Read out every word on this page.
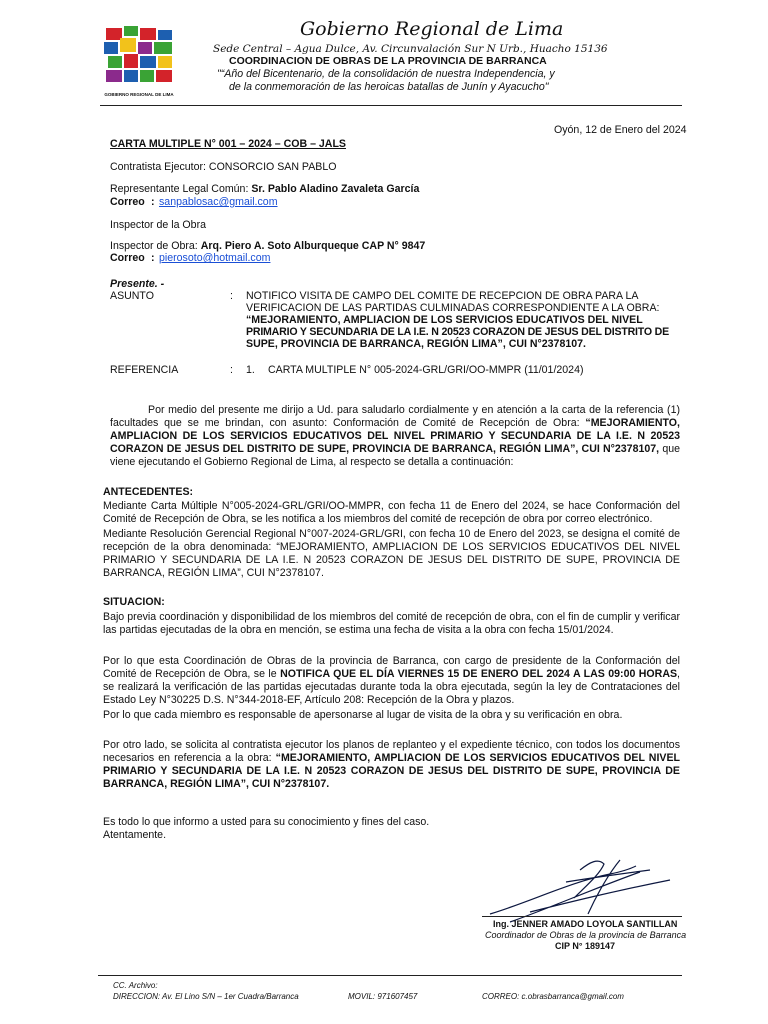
GOBIERNO REGIONAL DE LIMA
Gobierno Regional de Lima
Sede Central – Agua Dulce, Av. Circunvalación Sur N Urb., Huacho 15136
COORDINACION DE OBRAS DE LA PROVINCIA DE BARRANCA
"“Año del Bicentenario, de la consolidación de nuestra Independencia, y
de la conmemoración de las heroicas batallas de Junín y Ayacucho"
Oyón, 12 de Enero del 2024
CARTA MULTIPLE N° 001 – 2024 – COB – JALS
Contratista Ejecutor: CONSORCIO SAN PABLO
Representante Legal Común: Sr. Pablo Aladino Zavaleta García
Correo : sanpablosac@gmail.com
Inspector de la Obra
Inspector de Obra: Arq. Piero A. Soto Alburqueque CAP N° 9847
Correo : pierosoto@hotmail.com
Presente. -
ASUNTO	: NOTIFICO VISITA DE CAMPO DEL COMITE DE RECEPCION DE OBRA PARA LA
VERIFICACION DE LAS PARTIDAS CULMINADAS CORRESPONDIENTE A LA OBRA:
“MEJORAMIENTO, AMPLIACION DE LOS SERVICIOS EDUCATIVOS DEL NIVEL
PRIMARIO Y SECUNDARIA DE LA I.E. N 20523 CORAZON DE JESUS DEL DISTRITO DE
SUPE, PROVINCIA DE BARRANCA, REGIÓN LIMA”, CUI N°2378107.
REFERENCIA	: 1. CARTA MULTIPLE N° 005-2024-GRL/GRI/OO-MMPR (11/01/2024)
Por medio del presente me dirijo a Ud. para saludarlo cordialmente y en atención a la carta de la referencia (1) facultades que se me brindan, con asunto: Conformación de Comité de Recepción de Obra: “MEJORAMIENTO, AMPLIACION DE LOS SERVICIOS EDUCATIVOS DEL NIVEL PRIMARIO Y SECUNDARIA DE LA I.E. N 20523 CORAZON DE JESUS DEL DISTRITO DE SUPE, PROVINCIA DE BARRANCA, REGIÓN LIMA”, CUI N°2378107, que viene ejecutando el Gobierno Regional de Lima, al respecto se detalla a continuación:
ANTECEDENTES:
Mediante Carta Múltiple N°005-2024-GRL/GRI/OO-MMPR, con fecha 11 de Enero del 2024, se hace Conformación del Comité de Recepción de Obra, se les notifica a los miembros del comité de recepción de obra por correo electrónico.
Mediante Resolución Gerencial Regional N°007-2024-GRL/GRI, con fecha 10 de Enero del 2023, se designa el comité de recepción de la obra denominada: “MEJORAMIENTO, AMPLIACION DE LOS SERVICIOS EDUCATIVOS DEL NIVEL PRIMARIO Y SECUNDARIA DE LA I.E. N 20523 CORAZON DE JESUS DEL DISTRITO DE SUPE, PROVINCIA DE BARRANCA, REGIÓN LIMA”, CUI N°2378107.
SITUACION:
Bajo previa coordinación y disponibilidad de los miembros del comité de recepción de obra, con el fin de cumplir y verificar las partidas ejecutadas de la obra en mención, se estima una fecha de visita a la obra con fecha 15/01/2024.
Por lo que esta Coordinación de Obras de la provincia de Barranca, con cargo de presidente de la Conformación del Comité de Recepción de Obra, se le NOTIFICA QUE EL DÍA VIERNES 15 DE ENERO DEL 2024 A LAS 09:00 HORAS, se realizará la verificación de las partidas ejecutadas durante toda la obra ejecutada, según la ley de Contrataciones del Estado Ley N°30225 D.S. N°344-2018-EF, Artículo 208: Recepción de la Obra y plazos.
Por lo que cada miembro es responsable de apersonarse al lugar de visita de la obra y su verificación en obra.
Por otro lado, se solicita al contratista ejecutor los planos de replanteo y el expediente técnico, con todos los documentos necesarios en referencia a la obra: “MEJORAMIENTO, AMPLIACION DE LOS SERVICIOS EDUCATIVOS DEL NIVEL PRIMARIO Y SECUNDARIA DE LA I.E. N 20523 CORAZON DE JESUS DEL DISTRITO DE SUPE, PROVINCIA DE BARRANCA, REGIÓN LIMA”, CUI N°2378107.
Es todo lo que informo a usted para su conocimiento y fines del caso.
Atentamente.
Ing. JENNER AMADO LOYOLA SANTILLAN
Coordinador de Obras de la provincia de Barranca
CIP N° 189147
CC. Archivo:
DIRECCION: Av. El Lino S/N – 1er Cuadra/Barranca	MOVIL: 971607457	CORREO: c.obrasbarranca@gmail.com
